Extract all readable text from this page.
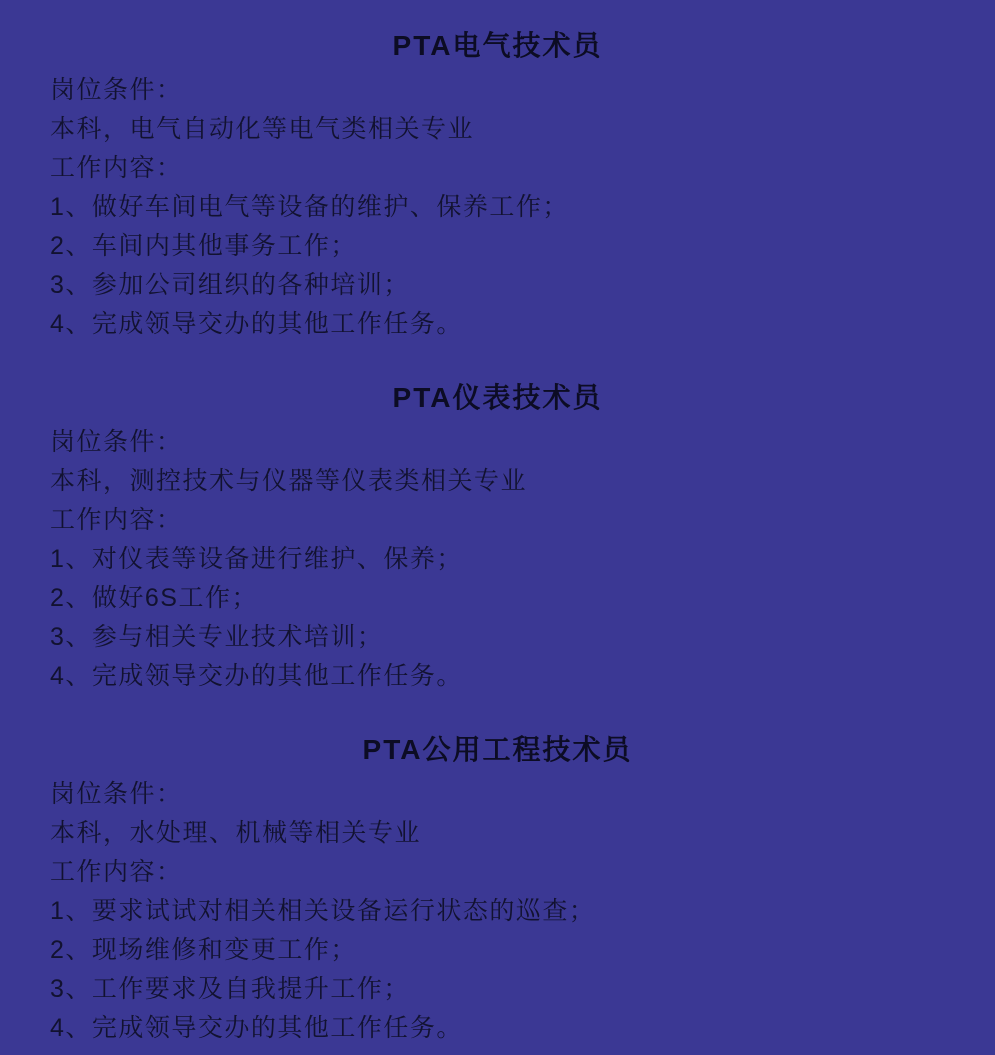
PTA电气技术员

岗位条件：

本科，电气自动化等电气类相关专业

工作内容：

1、做好车间电气等设备的维护、保养工作；

2、车间内其他事务工作；

3、参加公司组织的各种培训；

4、完成领导交办的其他工作任务。

PTA仪表技术员

岗位条件：

本科，测控技术与仪器等仪表类相关专业

工作内容：

1、对仪表等设备进行维护、保养；

2、做好6S工作；

3、参与相关专业技术培训；

4、完成领导交办的其他工作任务。

PTA公用工程技术员

岗位条件：

本科，水处理、机械等相关专业

工作内容：

1、要求试试对相关相关设备运行状态的巡查；

2、现场维修和变更工作；

3、工作要求及自我提升工作；

4、完成领导交办的其他工作任务。
